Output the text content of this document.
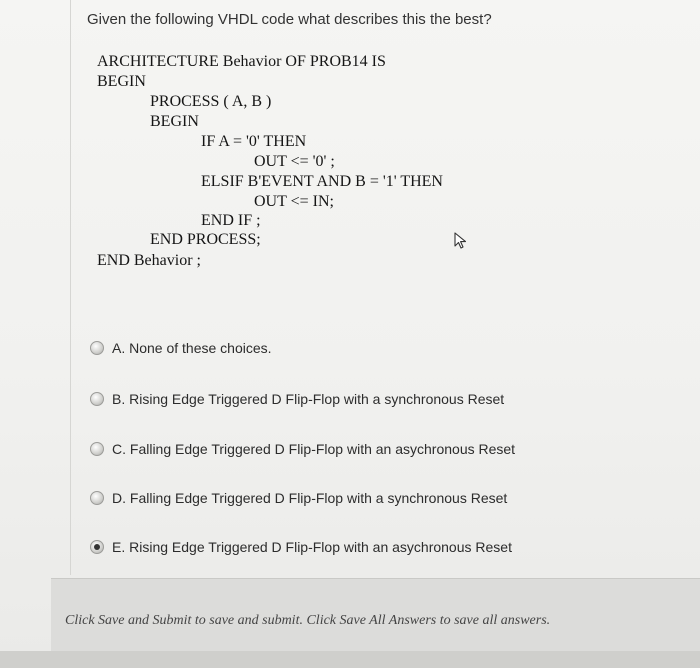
Given the following VHDL code what describes this the best?

ARCHITECTURE Behavior OF PROB14 IS

BEGIN

PROCESS ( A, B )

BEGIN

IF A = '0' THEN

OUT <= '0' ;

ELSIF B'EVENT AND B = '1' THEN

OUT <= IN;

END IF ;

END PROCESS;

END Behavior ;

A. None of these choices.
B. Rising Edge Triggered D Flip-Flop with a synchronous Reset
C. Falling Edge Triggered D Flip-Flop with an asychronous Reset
D. Falling Edge Triggered D Flip-Flop with a synchronous Reset
E. Rising Edge Triggered D Flip-Flop with an asychronous Reset
Click Save and Submit to save and submit. Click Save All Answers to save all answers.
